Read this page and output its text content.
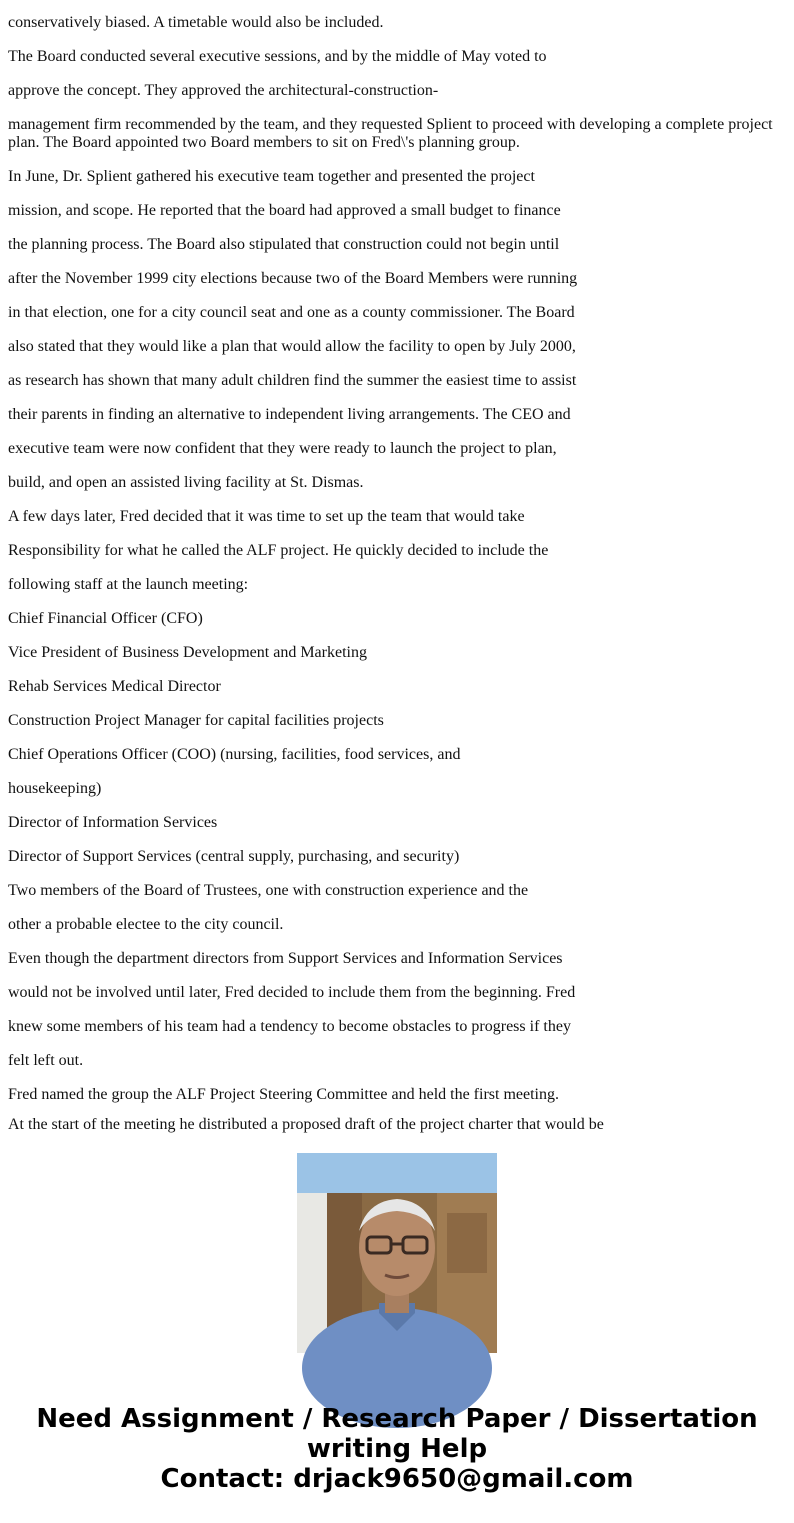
conservatively biased. A timetable would also be included.
The Board conducted several executive sessions, and by the middle of May voted to
approve the concept. They approved the architectural-construction-
management firm recommended by the team, and they requested Splient to proceed with developing a complete project plan. The Board appointed two Board members to sit on Fred\'s planning group.
In June, Dr. Splient gathered his executive team together and presented the project
mission, and scope. He reported that the board had approved a small budget to finance
the planning process. The Board also stipulated that construction could not begin until
after the November 1999 city elections because two of the Board Members were running
in that election, one for a city council seat and one as a county commissioner. The Board
also stated that they would like a plan that would allow the facility to open by July 2000,
as research has shown that many adult children find the summer the easiest time to assist
their parents in finding an alternative to independent living arrangements. The CEO and
executive team were now confident that they were ready to launch the project to plan,
build, and open an assisted living facility at St. Dismas.
A few days later, Fred decided that it was time to set up the team that would take
Responsibility for what he called the ALF project. He quickly decided to include the
following staff at the launch meeting:
Chief Financial Officer (CFO)
Vice President of Business Development and Marketing
Rehab Services Medical Director
Construction Project Manager for capital facilities projects
Chief Operations Officer (COO) (nursing, facilities, food services, and
housekeeping)
Director of Information Services
Director of Support Services (central supply, purchasing, and security)
Two members of the Board of Trustees, one with construction experience and the
other a probable electee to the city council.
Even though the department directors from Support Services and Information Services
would not be involved until later, Fred decided to include them from the beginning. Fred
knew some members of his team had a tendency to become obstacles to progress if they
felt left out.
Fred named the group the ALF Project Steering Committee and held the first meeting.
At the start of the meeting he distributed a proposed draft of the project charter that would be
Need Assignment / Research Paper / Dissertation
writing Help
Contact: drjack9650@gmail.com
